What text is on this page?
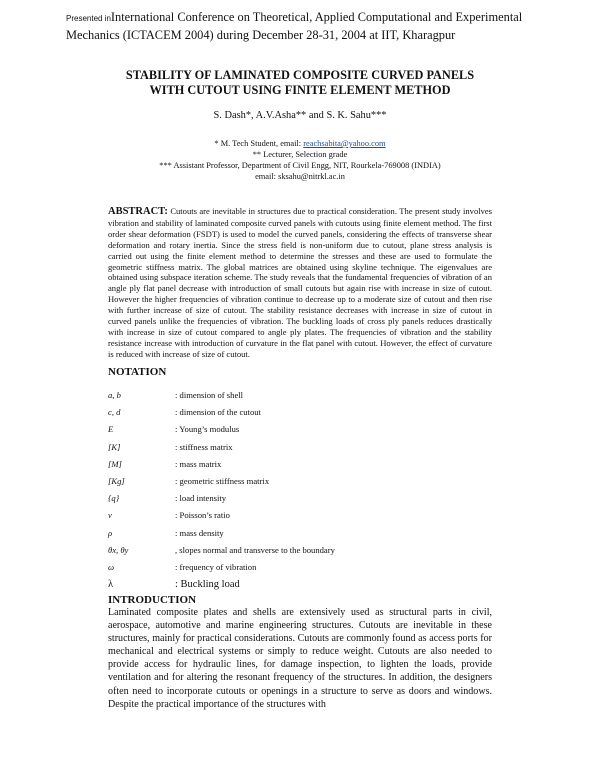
Presented inInternational Conference on Theoretical, Applied Computational and Experimental
Mechanics (ICTACEM 2004) during December 28-31, 2004 at IIT, Kharagpur
STABILITY OF LAMINATED COMPOSITE CURVED PANELS
WITH CUTOUT USING FINITE ELEMENT METHOD
S. Dash*, A.V.Asha** and S. K. Sahu***
* M. Tech Student, email: reachsabita@yahoo.com
** Lecturer, Selection grade
*** Assistant Professor, Department of Civil Engg, NIT, Rourkela-769008 (INDIA)
email: sksahu@nitrkl.ac.in
ABSTRACT: Cutouts are inevitable in structures due to practical consideration. The present study involves vibration and stability of laminated composite curved panels with cutouts using finite element method. The first order shear deformation (FSDT) is used to model the curved panels, considering the effects of transverse shear deformation and rotary inertia. Since the stress field is non-uniform due to cutout, plane stress analysis is carried out using the finite element method to determine the stresses and these are used to formulate the geometric stiffness matrix. The global matrices are obtained using skyline technique. The eigenvalues are obtained using subspace iteration scheme. The study reveals that the fundamental frequencies of vibration of an angle ply flat panel decrease with introduction of small cutouts but again rise with increase in size of cutout. However the higher frequencies of vibration continue to decrease up to a moderate size of cutout and then rise with further increase of size of cutout. The stability resistance decreases with increase in size of cutout in curved panels unlike the frequencies of vibration. The buckling loads of cross ply panels reduces drastically with increase in size of cutout compared to angle ply plates. The frequencies of vibration and the stability resistance increase with introduction of curvature in the flat panel with cutout. However, the effect of curvature is reduced with increase of size of cutout.
NOTATION
a, b	: dimension of shell
c, d	: dimension of the cutout
E	: Young’s modulus
[K]	: stiffness matrix
[M]	: mass matrix
[Kg]	: geometric stiffness matrix
{q}	: load intensity
ν	: Poisson’s ratio
ρ	: mass density
θx, θy	, slopes normal and transverse to the boundary
ω	: frequency of vibration
λ	: Buckling load
INTRODUCTION
Laminated composite plates and shells are extensively used as structural parts in civil, aerospace, automotive and marine engineering structures. Cutouts are inevitable in these structures, mainly for practical considerations. Cutouts are commonly found as access ports for mechanical and electrical systems or simply to reduce weight. Cutouts are also needed to provide access for hydraulic lines, for damage inspection, to lighten the loads, provide ventilation and for altering the resonant frequency of the structures. In addition, the designers often need to incorporate cutouts or openings in a structure to serve as doors and windows. Despite the practical importance of the structures with
